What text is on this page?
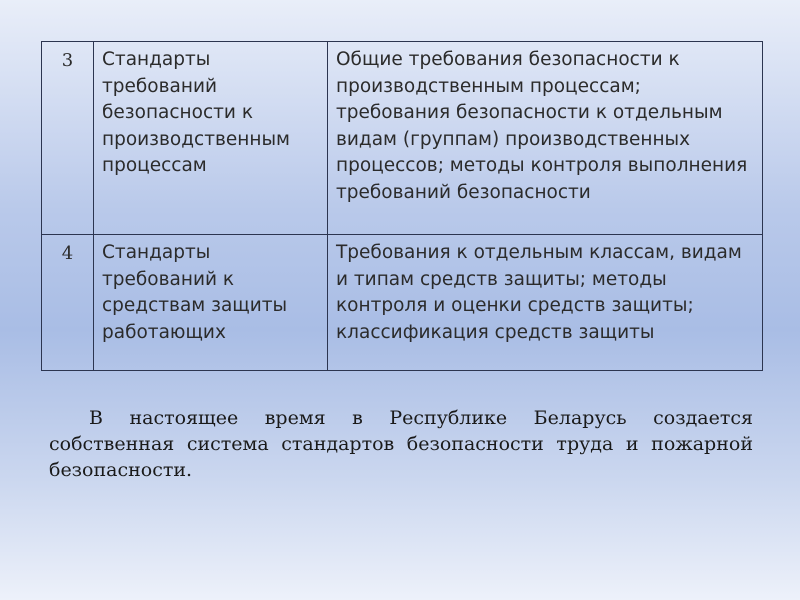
3	Стандарты требований безопасности к производственным процессам	Общие требования безопасности к производственным процессам; требования безопасности к отдельным видам (группам) производственных процессов; методы контроля выполнения требований безопасности
4	Стандарты требований к средствам защиты работающих	Требования к отдельным классам, видам и типам средств защиты; методы контроля и оценки средств защиты; классификация средств защиты
В настоящее время в Республике Беларусь создается собственная система стандартов безопасности труда и пожарной безопасности.
